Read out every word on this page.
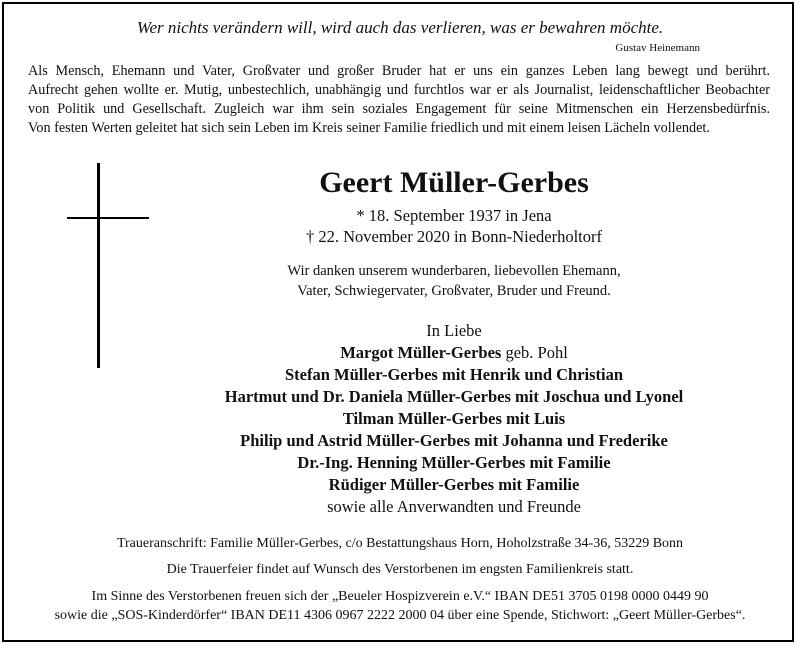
Wer nichts verändern will, wird auch das verlieren, was er bewahren möchte.
Gustav Heinemann
Als Mensch, Ehemann und Vater, Großvater und großer Bruder hat er uns ein ganzes Leben lang bewegt und berührt.
Aufrecht gehen wollte er. Mutig, unbestechlich, unabhängig und furchtlos war er als Journalist, leidenschaftlicher Beobachter
von Politik und Gesellschaft. Zugleich war ihm sein soziales Engagement für seine Mitmenschen ein Herzensbedürfnis.
Von festen Werten geleitet hat sich sein Leben im Kreis seiner Familie friedlich und mit einem leisen Lächeln vollendet.
Geert Müller-Gerbes
* 18. September 1937 in Jena
† 22. November 2020 in Bonn-Niederholtorf
Wir danken unserem wunderbaren, liebevollen Ehemann,
Vater, Schwiegervater, Großvater, Bruder und Freund.
In Liebe
Margot Müller-Gerbes geb. Pohl
Stefan Müller-Gerbes mit Henrik und Christian
Hartmut und Dr. Daniela Müller-Gerbes mit Joschua und Lyonel
Tilman Müller-Gerbes mit Luis
Philip und Astrid Müller-Gerbes mit Johanna und Frederike
Dr.-Ing. Henning Müller-Gerbes mit Familie
Rüdiger Müller-Gerbes mit Familie
sowie alle Anverwandten und Freunde
Traueranschrift: Familie Müller-Gerbes, c/o Bestattungshaus Horn, Hoholzstraße 34-36, 53229 Bonn
Die Trauerfeier findet auf Wunsch des Verstorbenen im engsten Familienkreis statt.
Im Sinne des Verstorbenen freuen sich der „Beueler Hospizverein e.V.“ IBAN DE51 3705 0198 0000 0449 90
sowie die „SOS-Kinderdörfer“ IBAN DE11 4306 0967 2222 2000 04 über eine Spende, Stichwort: „Geert Müller-Gerbes“.
